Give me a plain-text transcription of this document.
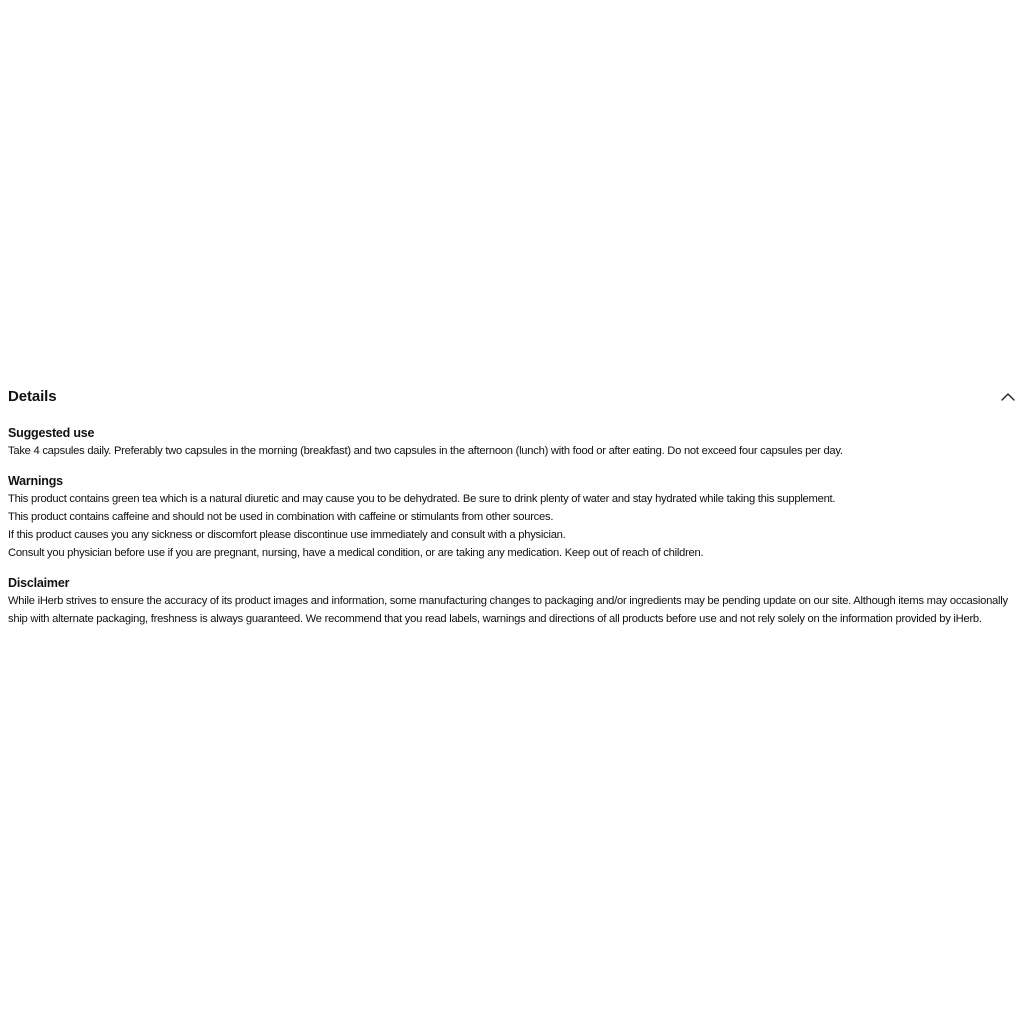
Details
Suggested use
Take 4 capsules daily. Preferably two capsules in the morning (breakfast) and two capsules in the afternoon (lunch) with food or after eating. Do not exceed four capsules per day.
Warnings
This product contains green tea which is a natural diuretic and may cause you to be dehydrated. Be sure to drink plenty of water and stay hydrated while taking this supplement.
This product contains caffeine and should not be used in combination with caffeine or stimulants from other sources.
If this product causes you any sickness or discomfort please discontinue use immediately and consult with a physician.
Consult you physician before use if you are pregnant, nursing, have a medical condition, or are taking any medication. Keep out of reach of children.
Disclaimer
While iHerb strives to ensure the accuracy of its product images and information, some manufacturing changes to packaging and/or ingredients may be pending update on our site. Although items may occasionally ship with alternate packaging, freshness is always guaranteed. We recommend that you read labels, warnings and directions of all products before use and not rely solely on the information provided by iHerb.
